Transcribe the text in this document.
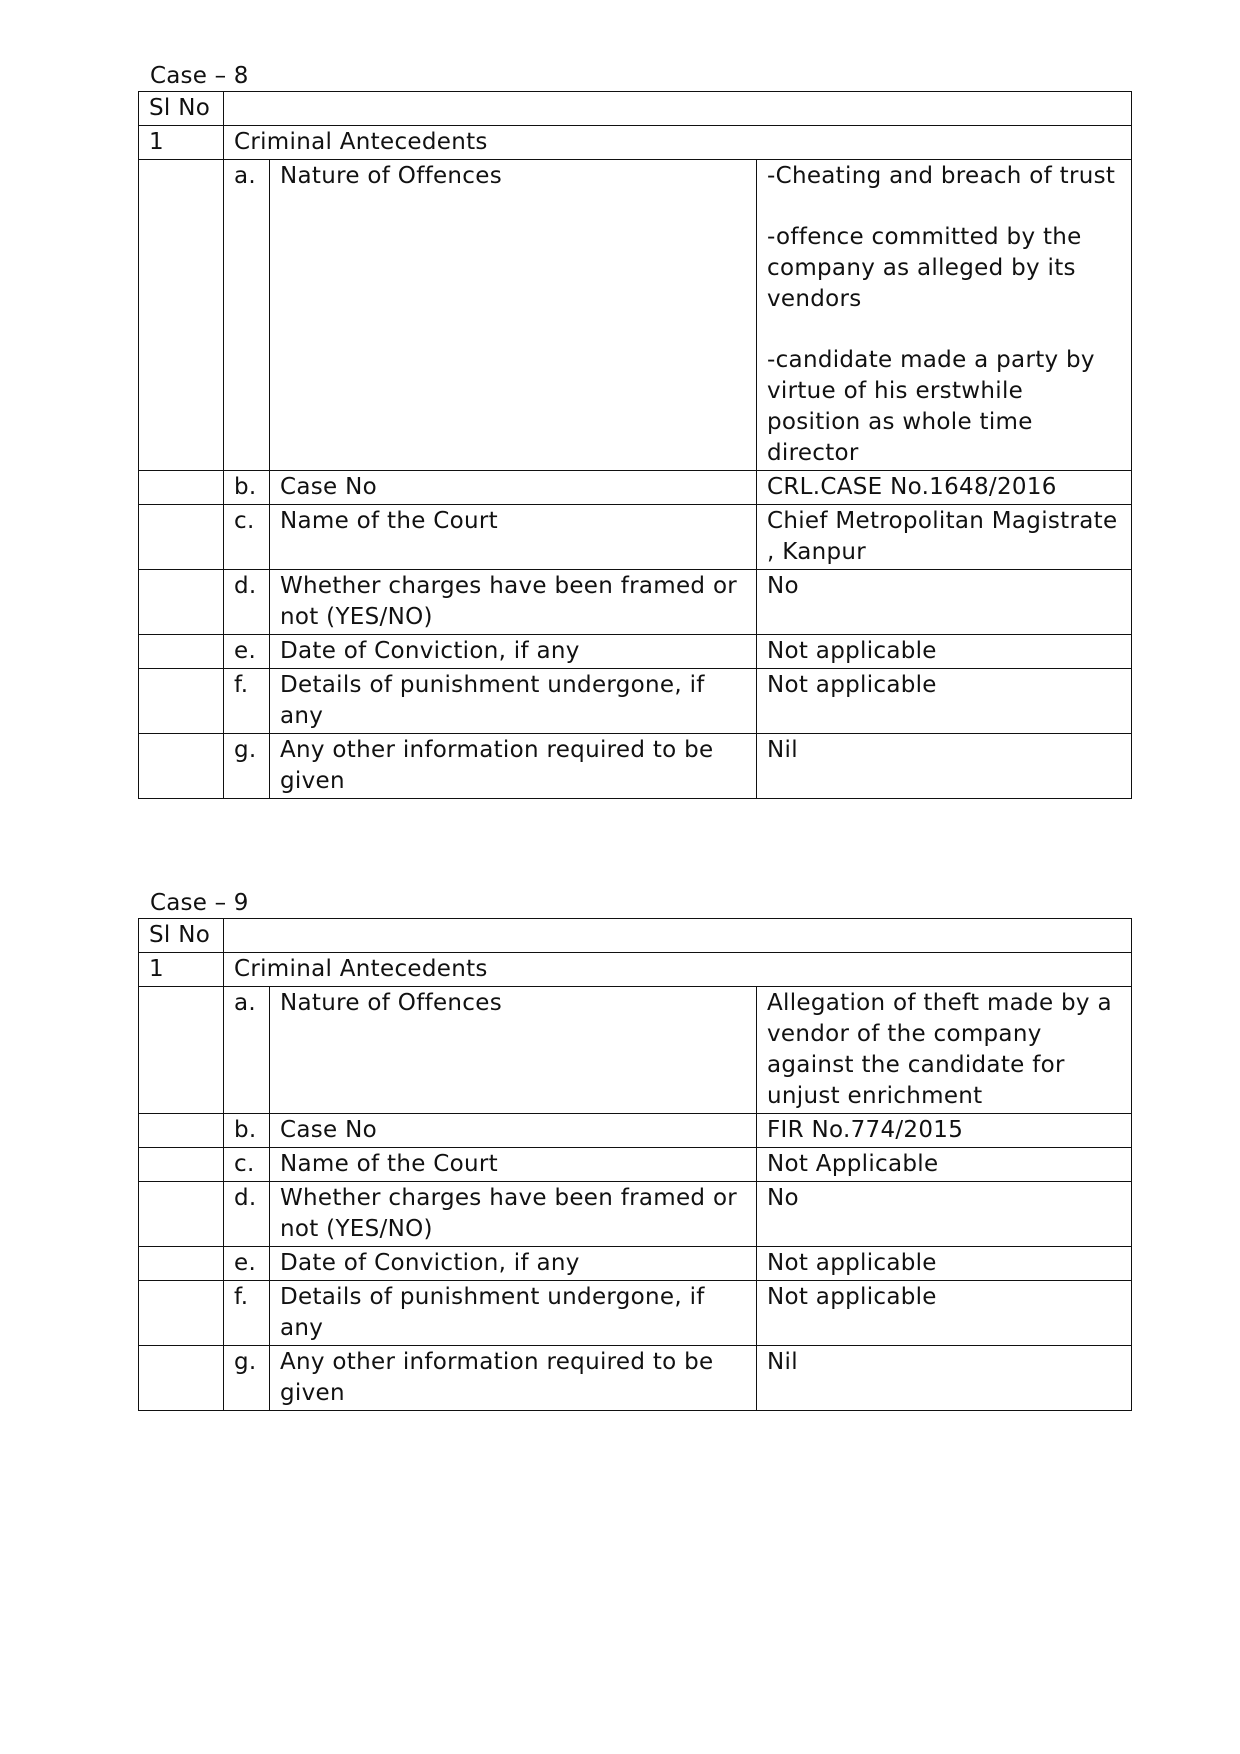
Case – 8
Sl No			
1	Criminal Antecedents		
	a.	Nature of Offences	-Cheating and breach of trust
-offence committed by the company as alleged by its vendors
-candidate made a party by virtue of his erstwhile position as whole time director

	b.	Case No	CRL.CASE No.1648/2016

	c.	Name of the Court	Chief Metropolitan Magistrate , Kanpur

	d.	Whether charges have been framed or not (YES/NO)	No

	e.	Date of Conviction, if any	Not applicable

	f.	Details of punishment undergone, if any	Not applicable

	g.	Any other information required to be given	Nil
Case – 9
Sl No			
1	Criminal Antecedents		
	a.	Nature of Offences	Allegation of theft made by a vendor of the company against the candidate for unjust enrichment

	b.	Case No	FIR No.774/2015

	c.	Name of the Court	Not Applicable

	d.	Whether charges have been framed or not (YES/NO)	No

	e.	Date of Conviction, if any	Not applicable

	f.	Details of punishment undergone, if any	Not applicable

	g.	Any other information required to be given	Nil
